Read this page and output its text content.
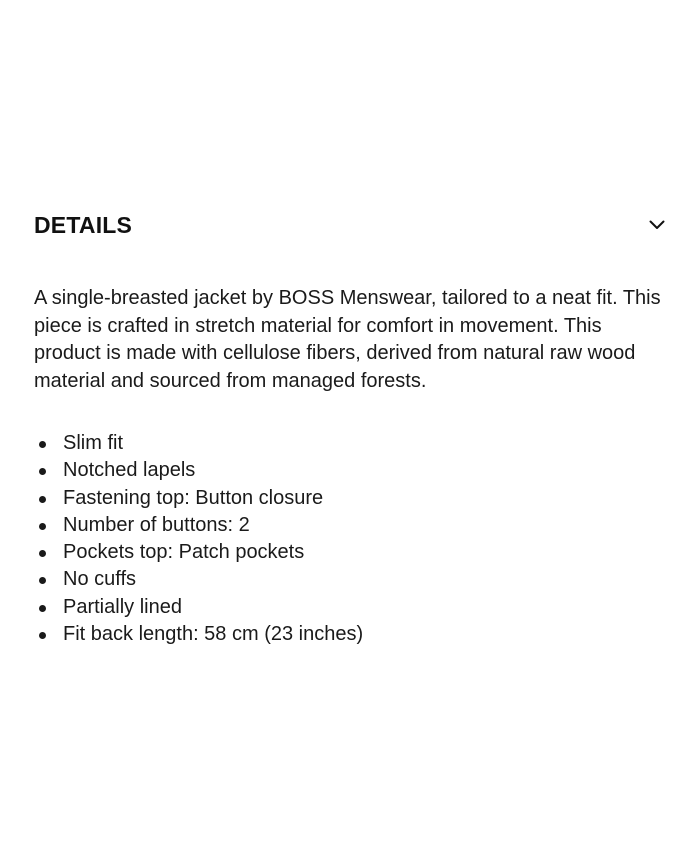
DETAILS

A single-breasted jacket by BOSS Menswear, tailored to a neat fit. This piece is crafted in stretch material for comfort in movement. This product is made with cellulose fibers, derived from natural raw wood material and sourced from managed forests.

Slim fit
Notched lapels
Fastening top: Button closure
Number of buttons: 2
Pockets top: Patch pockets
No cuffs
Partially lined
Fit back length: 58 cm (23 inches)
